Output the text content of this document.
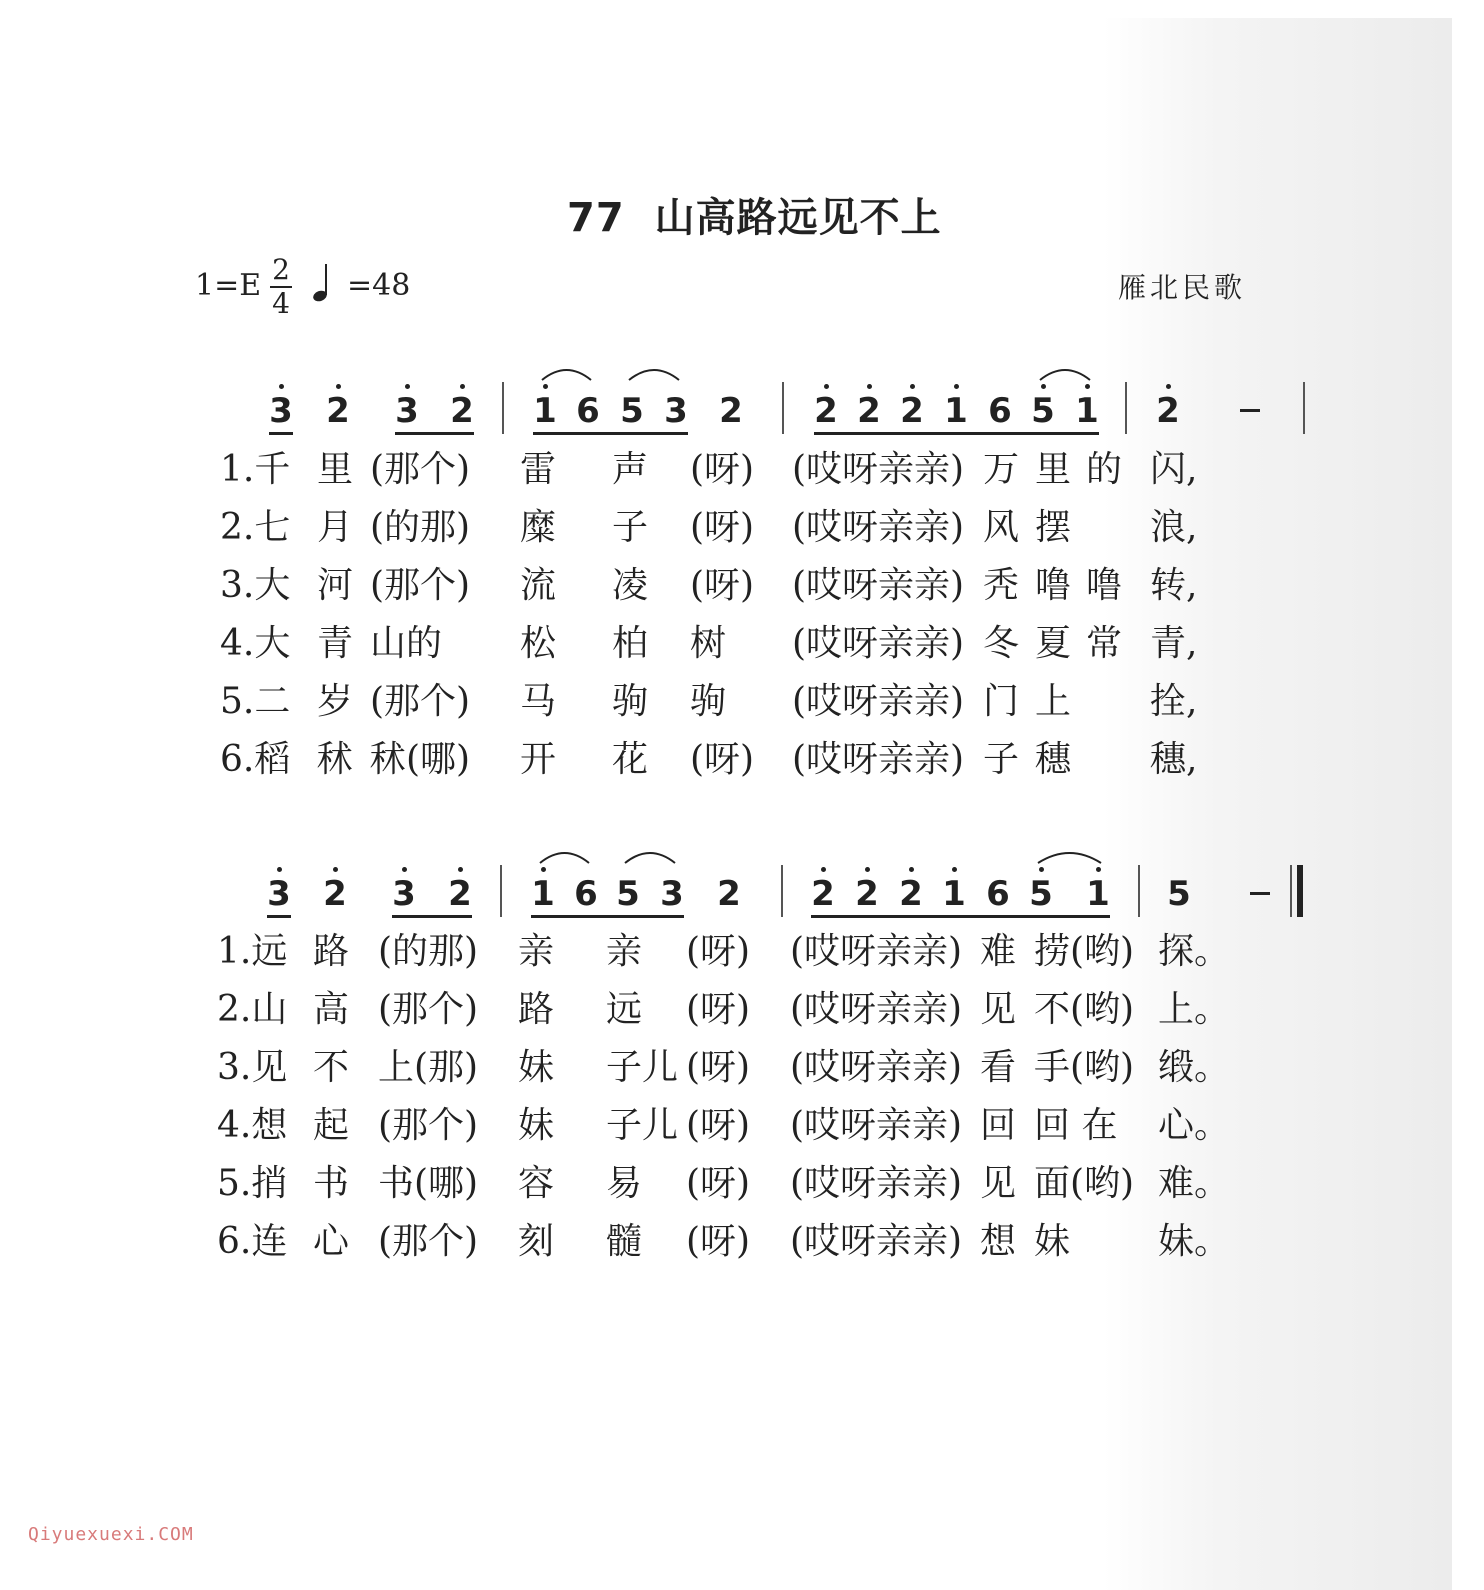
77 山高路远见不上
1=E 2
4
=48	雁北民歌
3 2 3 2 1 6 5 3 2 2 2 2 1 6 5 1 2
1.千 里 (那个) 雷 声 (呀) (哎呀亲亲) 万 里 的 闪,
2.七 月 (的那) 糜 子 (呀) (哎呀亲亲) 风 摆 浪,
3.大 河 (那个) 流 凌 (呀) (哎呀亲亲) 秃 噜 噜 转,
4.大 青 山的 松 柏 树 (哎呀亲亲) 冬 夏 常 青,
5.二 岁 (那个) 马 驹 驹 (哎呀亲亲) 门 上 拴,
6.稻 秫 秫(哪) 开 花 (呀) (哎呀亲亲) 子 穗 穗,
3 2 3 2 1 6 5 3 2 2 2 2 1 6 5 1 5
1.远 路 (的那) 亲 亲 (呀) (哎呀亲亲) 难 捞(哟) 探。
2.山 高 (那个) 路 远 (呀) (哎呀亲亲) 见 不(哟) 上。
3.见 不 上(那) 妹 子儿 (呀) (哎呀亲亲) 看 手(哟) 缎。
4.想 起 (那个) 妹 子儿 (呀) (哎呀亲亲) 回 回 在 心。
5.捎 书 书(哪) 容 易 (呀) (哎呀亲亲) 见 面(哟) 难。
6.连 心 (那个) 刻 髓 (呀) (哎呀亲亲) 想 妹 妹。
Qiyuexuexi.COM
